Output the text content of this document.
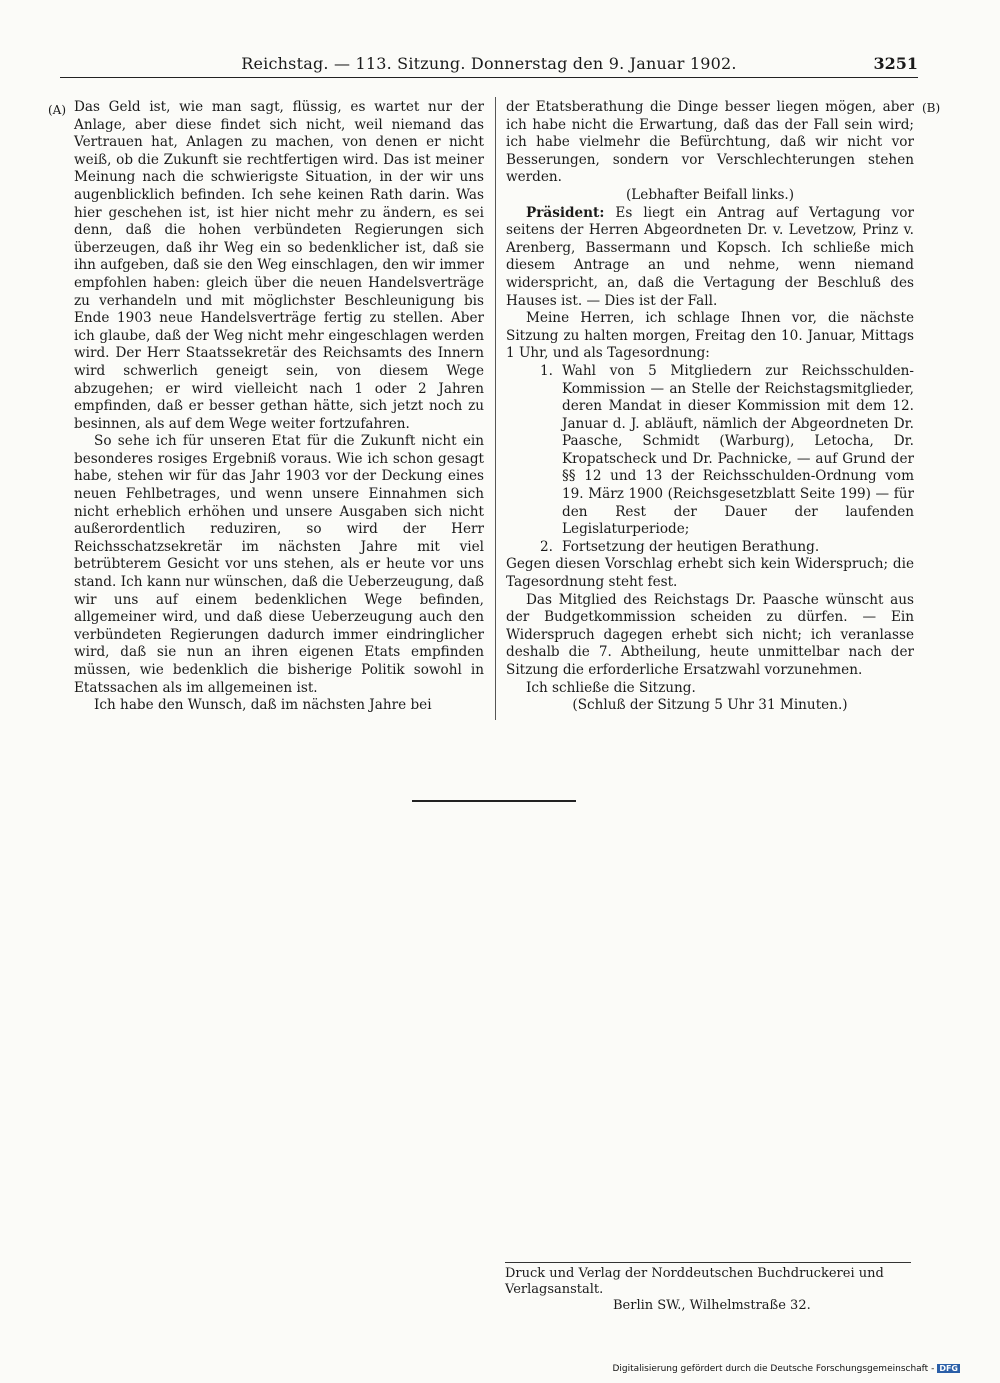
Reichstag. — 113. Sitzung. Donnerstag den 9. Januar 1902.	3251
(A)	(B)

Das Geld ist, wie man sagt, flüssig, es wartet nur der Anlage, aber diese findet sich nicht, weil niemand das Vertrauen hat, Anlagen zu machen, von denen er nicht weiß, ob die Zukunft sie rechtfertigen wird. Das ist meiner Meinung nach die schwierigste Situation, in der wir uns augenblicklich befinden. Ich sehe keinen Rath darin. Was hier geschehen ist, ist hier nicht mehr zu ändern, es sei denn, daß die hohen verbündeten Regierungen sich überzeugen, daß ihr Weg ein so bedenklicher ist, daß sie ihn aufgeben, daß sie den Weg einschlagen, den wir immer empfohlen haben: gleich über die neuen Handelsverträge zu verhandeln und mit möglichster Beschleunigung bis Ende 1903 neue Handelsverträge fertig zu stellen. Aber ich glaube, daß der Weg nicht mehr eingeschlagen werden wird. Der Herr Staatssekretär des Reichsamts des Innern wird schwerlich geneigt sein, von diesem Wege abzugehen; er wird vielleicht nach 1 oder 2 Jahren empfinden, daß er besser gethan hätte, sich jetzt noch zu besinnen, als auf dem Wege weiter fortzufahren.

So sehe ich für unseren Etat für die Zukunft nicht ein besonderes rosiges Ergebniß voraus. Wie ich schon gesagt habe, stehen wir für das Jahr 1903 vor der Deckung eines neuen Fehlbetrages, und wenn unsere Einnahmen sich nicht erheblich erhöhen und unsere Ausgaben sich nicht außerordentlich reduziren, so wird der Herr Reichsschatzsekretär im nächsten Jahre mit viel betrübterem Gesicht vor uns stehen, als er heute vor uns stand. Ich kann nur wünschen, daß die Ueberzeugung, daß wir uns auf einem bedenklichen Wege befinden, allgemeiner wird, und daß diese Ueberzeugung auch den verbündeten Regierungen dadurch immer eindringlicher wird, daß sie nun an ihren eigenen Etats empfinden müssen, wie bedenklich die bisherige Politik sowohl in Etatssachen als im allgemeinen ist.

Ich habe den Wunsch, daß im nächsten Jahre bei

der Etatsberathung die Dinge besser liegen mögen, aber ich habe nicht die Erwartung, daß das der Fall sein wird; ich habe vielmehr die Befürchtung, daß wir nicht vor Besserungen, sondern vor Verschlechterungen stehen werden.

(Lebhafter Beifall links.)

Präsident: Es liegt ein Antrag auf Vertagung vor seitens der Herren Abgeordneten Dr. v. Levetzow, Prinz v. Arenberg, Bassermann und Kopsch. Ich schließe mich diesem Antrage an und nehme, wenn niemand widerspricht, an, daß die Vertagung der Beschluß des Hauses ist. — Dies ist der Fall.

Meine Herren, ich schlage Ihnen vor, die nächste Sitzung zu halten morgen, Freitag den 10. Januar, Mittags 1 Uhr, und als Tagesordnung:

1. Wahl von 5 Mitgliedern zur Reichsschulden-Kommission — an Stelle der Reichstagsmitglieder, deren Mandat in dieser Kommission mit dem 12. Januar d. J. abläuft, nämlich der Abgeordneten Dr. Paasche, Schmidt (Warburg), Letocha, Dr. Kropatscheck und Dr. Pachnicke, — auf Grund der §§ 12 und 13 der Reichsschulden-Ordnung vom 19. März 1900 (Reichsgesetzblatt Seite 199) — für den Rest der Dauer der laufenden Legislaturperiode;
2. Fortsetzung der heutigen Berathung.

Gegen diesen Vorschlag erhebt sich kein Widerspruch; die Tagesordnung steht fest.

Das Mitglied des Reichstags Dr. Paasche wünscht aus der Budgetkommission scheiden zu dürfen. — Ein Widerspruch dagegen erhebt sich nicht; ich veranlasse deshalb die 7. Abtheilung, heute unmittelbar nach der Sitzung die erforderliche Ersatzwahl vorzunehmen.

Ich schließe die Sitzung.

(Schluß der Sitzung 5 Uhr 31 Minuten.)

Druck und Verlag der Norddeutschen Buchdruckerei und Verlagsanstalt.
Berlin SW., Wilhelmstraße 32.
Digitalisierung gefördert durch die Deutsche Forschungsgemeinschaft - DFG
